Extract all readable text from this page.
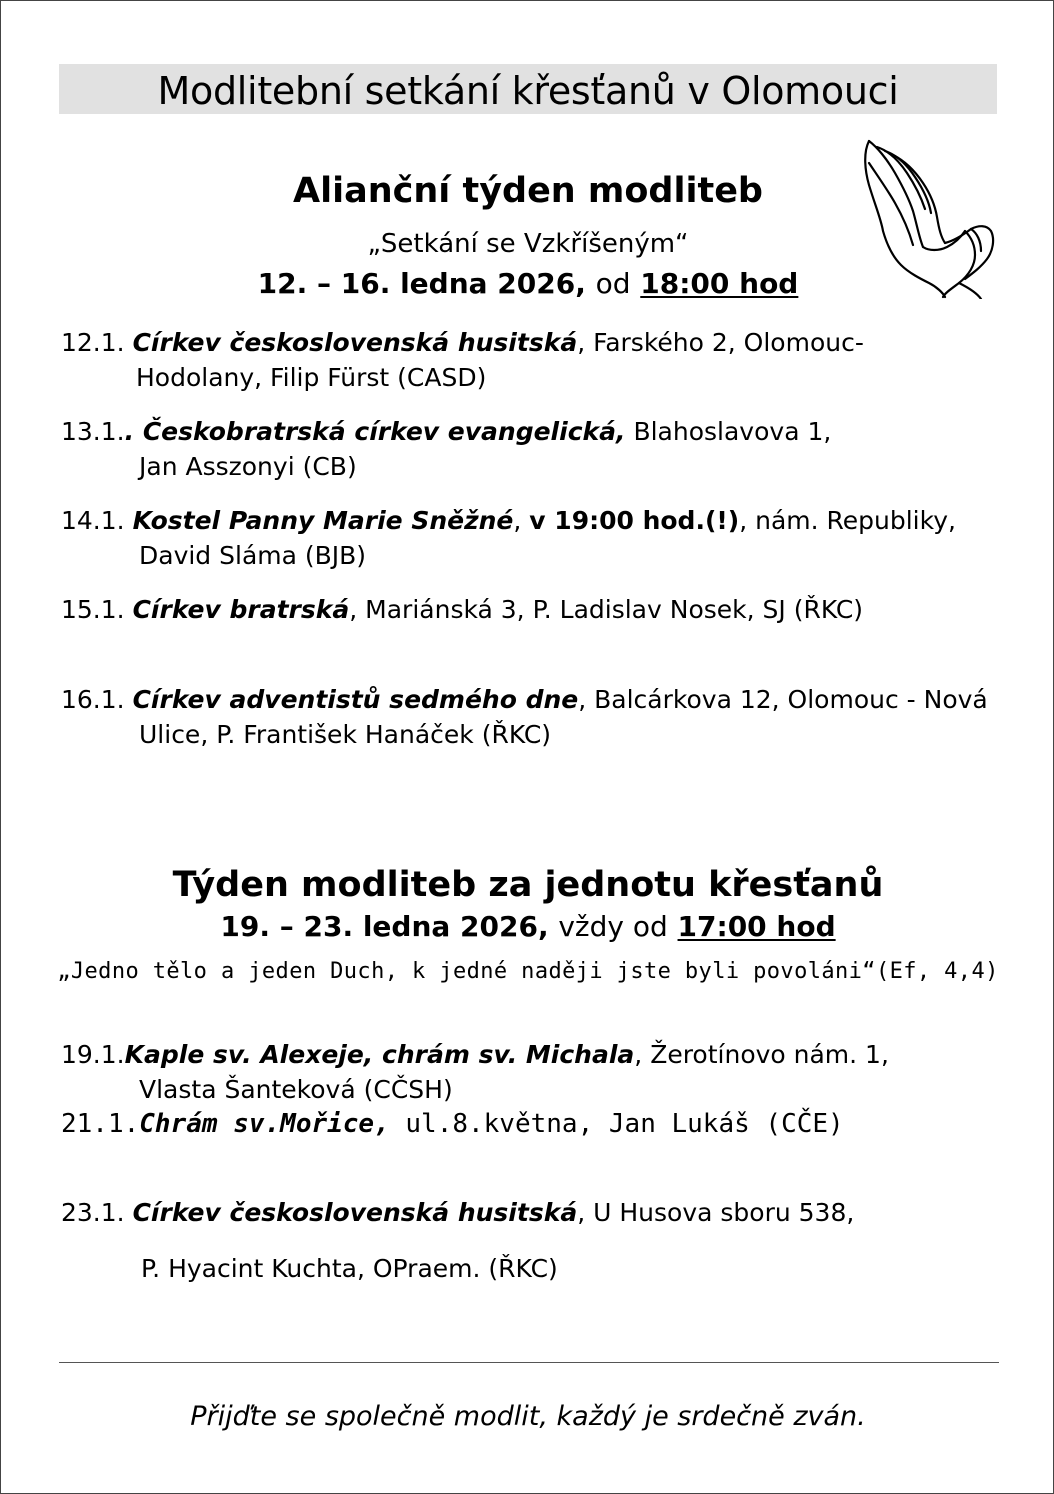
Modlitební setkání křesťanů v Olomouci
Alianční týden modliteb
„Setkání se Vzkříšeným“
12. – 16. ledna 2026, od 18:00 hod
12.1. Církev československá husitská, Farského 2, Olomouc-
Hodolany, Filip Fürst (CASD)
13.1.. Českobratrská církev evangelická, Blahoslavova 1,
Jan Asszonyi (CB)
14.1. Kostel Panny Marie Sněžné, v 19:00 hod.(!), nám. Republiky,
David Sláma (BJB)
15.1. Církev bratrská, Mariánská 3, P. Ladislav Nosek, SJ (ŘKC)
16.1. Církev adventistů sedmého dne, Balcárkova 12, Olomouc - Nová
Ulice, P. František Hanáček (ŘKC)
Týden modliteb za jednotu křesťanů
19. – 23. ledna 2026, vždy od 17:00 hod
„Jedno tělo a jeden Duch, k jedné naději jste byli povoláni“(Ef, 4,4)
19.1.Kaple sv. Alexeje, chrám sv. Michala, Žerotínovo nám. 1,
Vlasta Šanteková (CČSH)
21.1.Chrám sv.Mořice, ul.8.května, Jan Lukáš (CČE)
23.1. Církev československá husitská, U Husova sboru 538,
P. Hyacint Kuchta, OPraem. (ŘKC)
Přijďte se společně modlit, každý je srdečně zván.
